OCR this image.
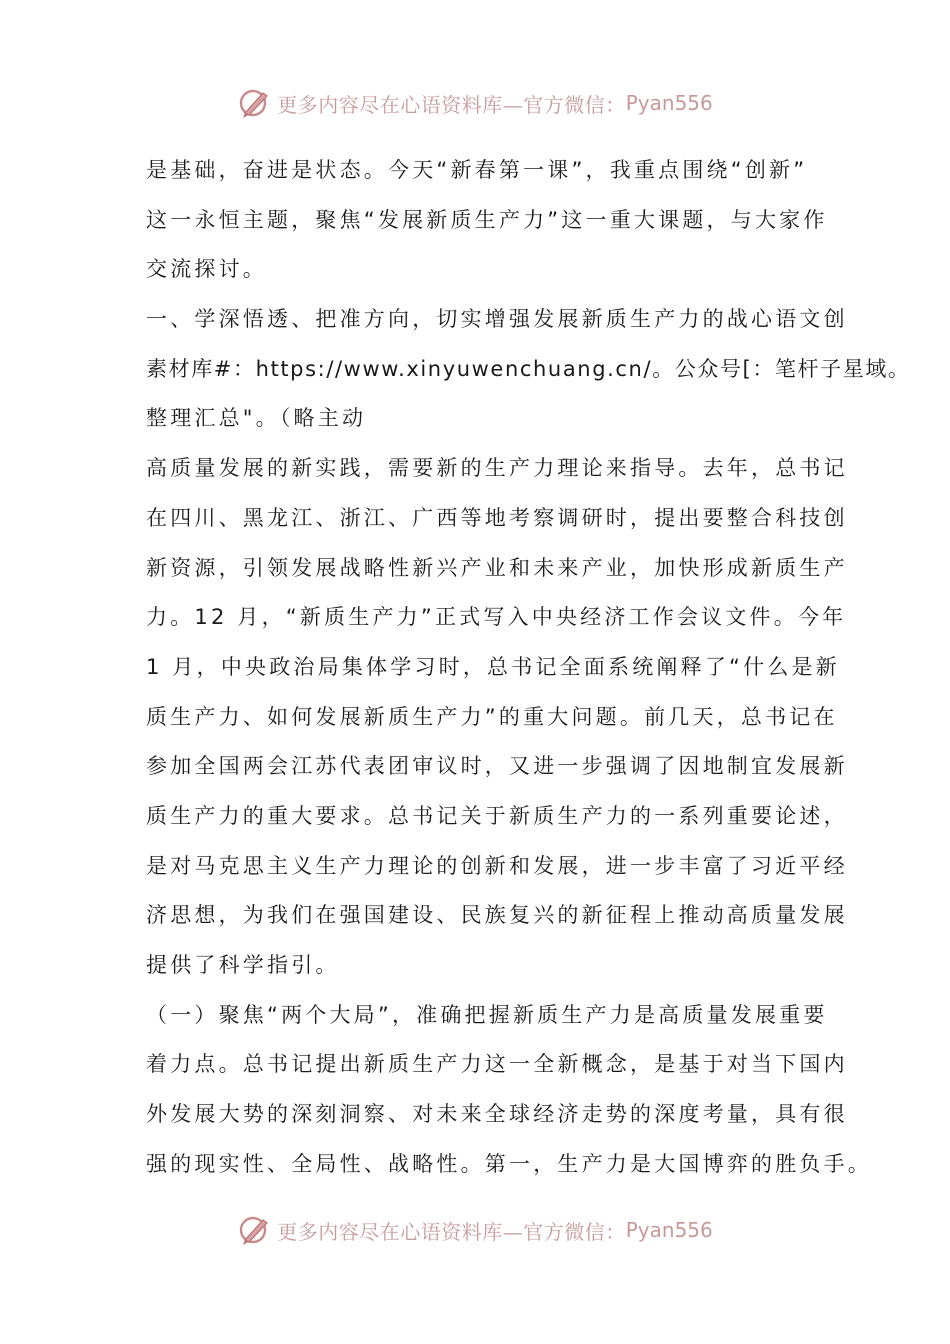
更多内容尽在心语资料库—官方微信： Pyan556
是基础，奋进是状态。今天“新春第一课”，我重点围绕“创新”
这一永恒主题，聚焦“发展新质生产力”这一重大课题，与大家作
交流探讨。
一、学深悟透、把准方向，切实增强发展新质生产力的战心语文创
素材库#：https://www.xinyuwenchuang.cn/。公众号[：笔杆子星域。
整理汇总"。（略主动
高质量发展的新实践，需要新的生产力理论来指导。去年，总书记
在四川、黑龙江、浙江、广西等地考察调研时，提出要整合科技创
新资源，引领发展战略性新兴产业和未来产业，加快形成新质生产
力。12 月，“新质生产力”正式写入中央经济工作会议文件。今年
1 月，中央政治局集体学习时，总书记全面系统阐释了“什么是新
质生产力、如何发展新质生产力”的重大问题。前几天，总书记在
参加全国两会江苏代表团审议时，又进一步强调了因地制宜发展新
质生产力的重大要求。总书记关于新质生产力的一系列重要论述，
是对马克思主义生产力理论的创新和发展，进一步丰富了习近平经
济思想，为我们在强国建设、民族复兴的新征程上推动高质量发展
提供了科学指引。
（一）聚焦“两个大局”，准确把握新质生产力是高质量发展重要
着力点。总书记提出新质生产力这一全新概念，是基于对当下国内
外发展大势的深刻洞察、对未来全球经济走势的深度考量，具有很
强的现实性、全局性、战略性。第一，生产力是大国博弈的胜负手。
更多内容尽在心语资料库—官方微信： Pyan556
